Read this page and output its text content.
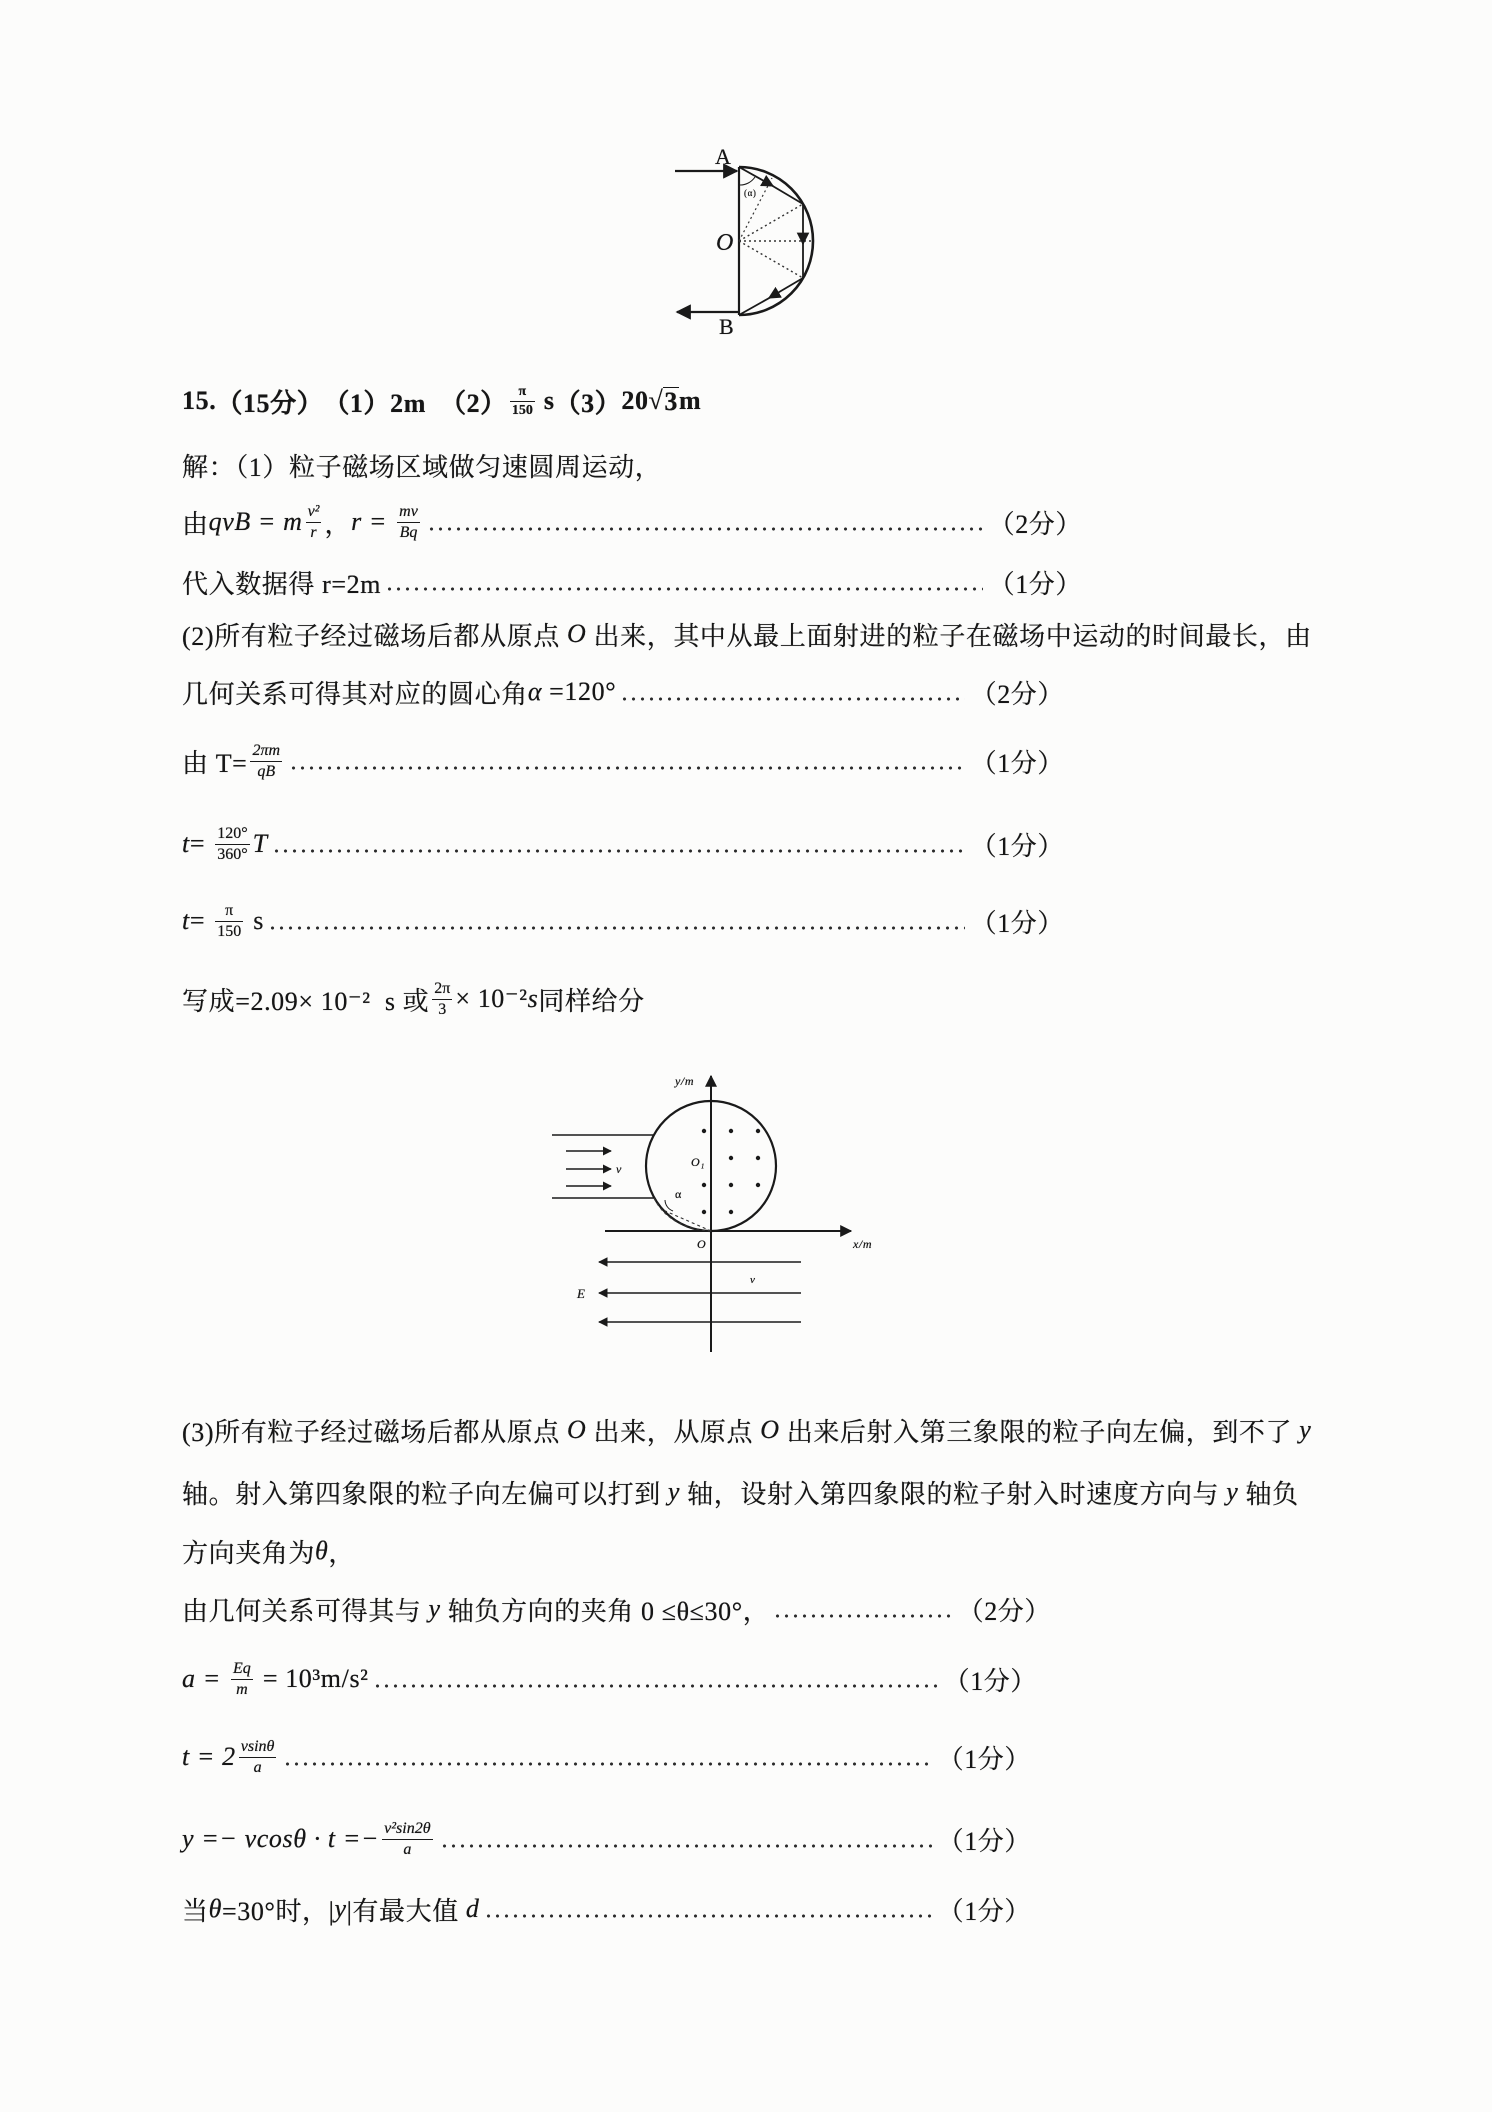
A
(α)
O
B
15. （15分） （1）2m $(2) \frac{\pi}{150}$ s （3） 20 √ 3 m
解：（1）粒子磁场区域做匀速圆周运动，
由 qvB = m $\frac{\text{v²}}{r}$ ， $r = \frac{mv}{Bq}$	（2分）
代入数据得 r=2m	（1分）
(2)所有粒子经过磁场后都从原点 O 出来，其中从最上面射进的粒子在磁场中运动的时间最长，由
几何关系可得其对应的圆心角 α =120°	（2分）
由 $T= \frac{2\pi m}{qB}$	（1分）
$t = \frac{120^\circ}{360^\circ}$ T	（1分）
$t = \frac{\pi}{150}$ s	（1分）
写成=2.09× 10⁻²  s 或 $\frac{2\pi}{3} \times 10^{-2}$ s 同样给分
y/m
x/m
O
O₁
v
E
v
α
(3)所有粒子经过磁场后都从原点 O 出来，从原点 O 出来后射入第三象限的粒子向左偏，到不了 y
轴。射入第四象限的粒子向左偏可以打到 y 轴，设射入第四象限的粒子射入时速度方向与 y 轴负
方向夹角为 θ ，
由几何关系可得其与 y 轴负方向的夹角 0 ≤θ≤30°，	（2分）
$a = \frac{Eq}{m} = 10^3m/s^2$	（1分）
$t = 2 \frac{vsin\theta}{a}$	（1分）
$y =- vcos\theta \cdot t =- \frac{\text{v²sin2θ}}{a}$	（1分）
当 θ =30°时，| y |有最大值 d	（1分）
